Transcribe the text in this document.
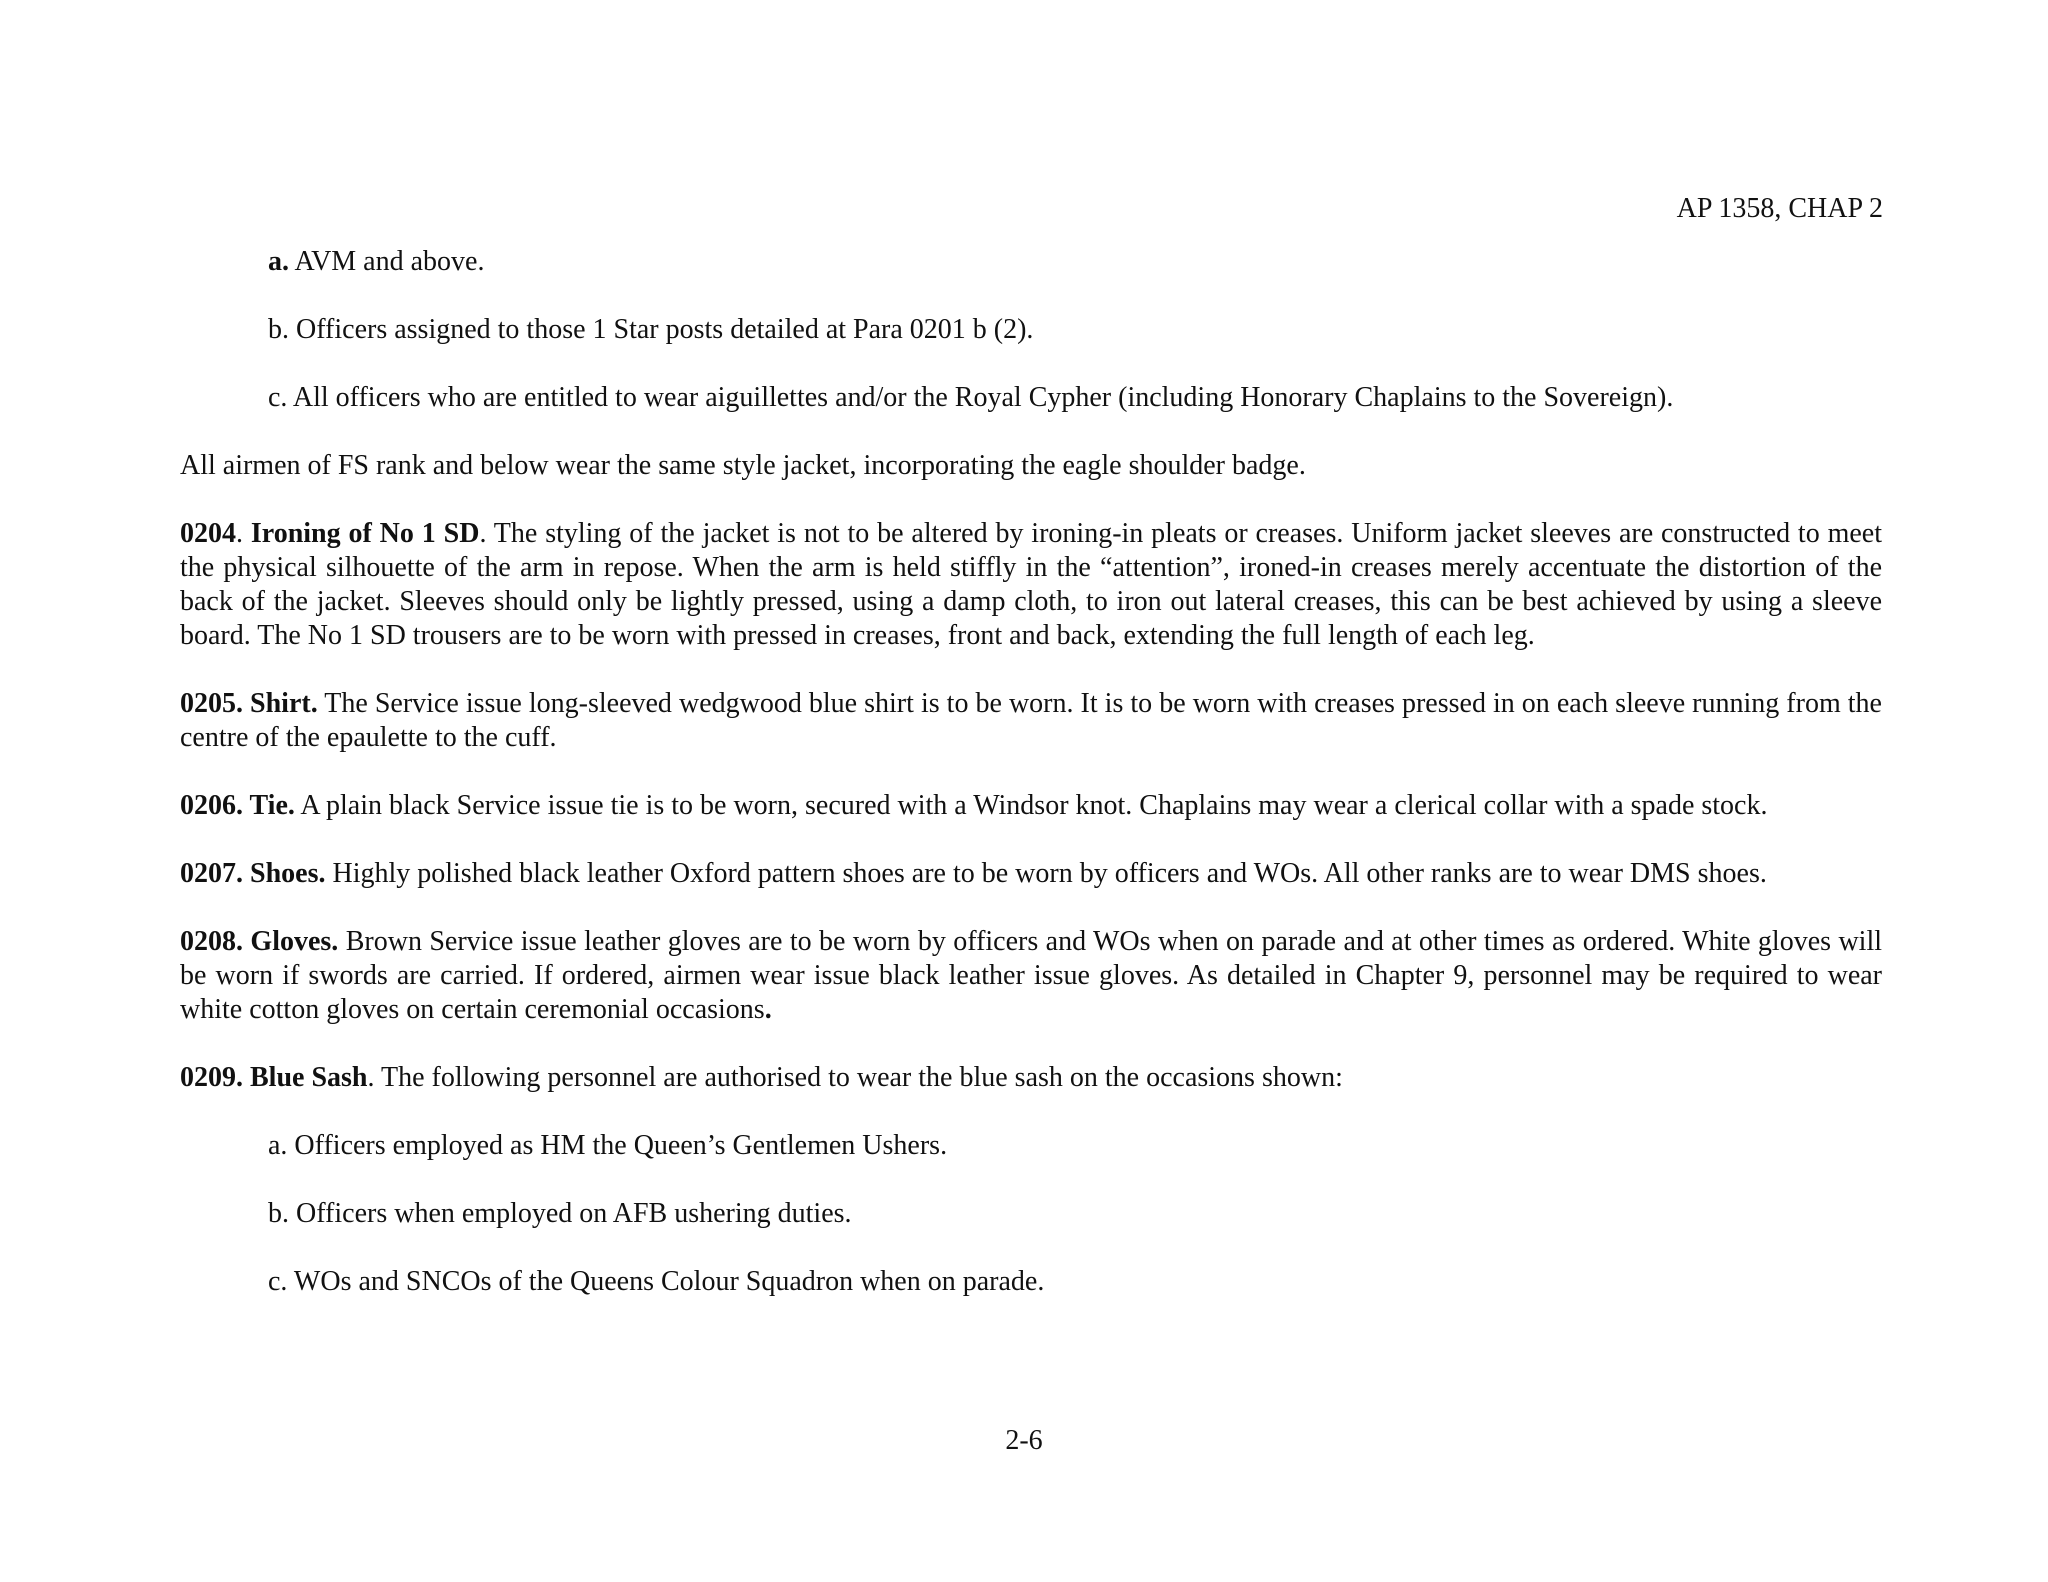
AP 1358, CHAP 2

a. AVM and above.

b. Officers assigned to those 1 Star posts detailed at Para 0201 b (2).

c. All officers who are entitled to wear aiguillettes and/or the Royal Cypher (including Honorary Chaplains to the Sovereign).

All airmen of FS rank and below wear the same style jacket, incorporating the eagle shoulder badge.

0204. Ironing of No 1 SD. The styling of the jacket is not to be altered by ironing-in pleats or creases. Uniform jacket sleeves are constructed to meet the physical silhouette of the arm in repose. When the arm is held stiffly in the “attention”, ironed-in creases merely accentuate the distortion of the back of the jacket. Sleeves should only be lightly pressed, using a damp cloth, to iron out lateral creases, this can be best achieved by using a sleeve board. The No 1 SD trousers are to be worn with pressed in creases, front and back, extending the full length of each leg.

0205. Shirt. The Service issue long-sleeved wedgwood blue shirt is to be worn. It is to be worn with creases pressed in on each sleeve running from the centre of the epaulette to the cuff.

0206. Tie. A plain black Service issue tie is to be worn, secured with a Windsor knot. Chaplains may wear a clerical collar with a spade stock.

0207. Shoes. Highly polished black leather Oxford pattern shoes are to be worn by officers and WOs. All other ranks are to wear DMS shoes.

0208. Gloves. Brown Service issue leather gloves are to be worn by officers and WOs when on parade and at other times as ordered. White gloves will be worn if swords are carried. If ordered, airmen wear issue black leather issue gloves. As detailed in Chapter 9, personnel may be required to wear white cotton gloves on certain ceremonial occasions.

0209. Blue Sash. The following personnel are authorised to wear the blue sash on the occasions shown:

a. Officers employed as HM the Queen’s Gentlemen Ushers.

b. Officers when employed on AFB ushering duties.

c. WOs and SNCOs of the Queens Colour Squadron when on parade.

2-6
